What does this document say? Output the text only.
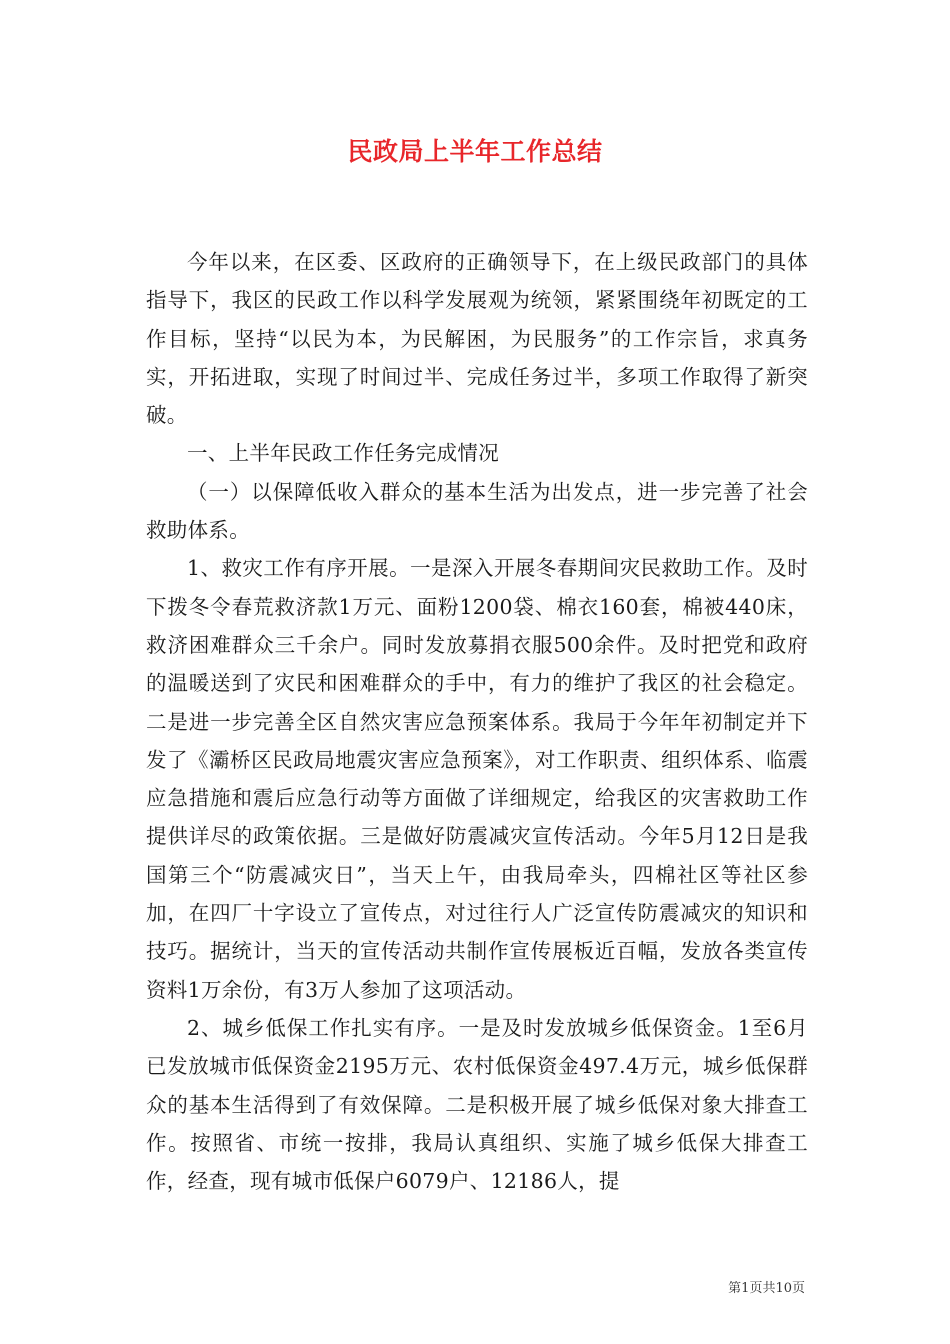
民政局上半年工作总结

今年以来，在区委、区政府的正确领导下，在上级民政部门的具体指导下，我区的民政工作以科学发展观为统领，紧紧围绕年初既定的工作目标，坚持“以民为本，为民解困，为民服务”的工作宗旨，求真务实，开拓进取，实现了时间过半、完成任务过半，多项工作取得了新突破。

一、上半年民政工作任务完成情况

（一）以保障低收入群众的基本生活为出发点，进一步完善了社会救助体系。

1、救灾工作有序开展。一是深入开展冬春期间灾民救助工作。及时下拨冬令春荒救济款1万元、面粉1200袋、棉衣160套，棉被440床，救济困难群众三千余户。同时发放募捐衣服500余件。及时把党和政府的温暖送到了灾民和困难群众的手中，有力的维护了我区的社会稳定。二是进一步完善全区自然灾害应急预案体系。我局于今年年初制定并下发了《灞桥区民政局地震灾害应急预案》，对工作职责、组织体系、临震应急措施和震后应急行动等方面做了详细规定，给我区的灾害救助工作提供详尽的政策依据。三是做好防震减灾宣传活动。今年5月12日是我国第三个“防震减灾日”，当天上午，由我局牵头，四棉社区等社区参加，在四厂十字设立了宣传点，对过往行人广泛宣传防震减灾的知识和技巧。据统计，当天的宣传活动共制作宣传展板近百幅，发放各类宣传资料1万余份，有3万人参加了这项活动。

2、城乡低保工作扎实有序。一是及时发放城乡低保资金。1至6月已发放城市低保资金2195万元、农村低保资金497.4万元，城乡低保群众的基本生活得到了有效保障。二是积极开展了城乡低保对象大排查工作。按照省、市统一按排，我局认真组织、实施了城乡低保大排查工作，经查，现有城市低保户6079户、12186人，提

第1页共10页
